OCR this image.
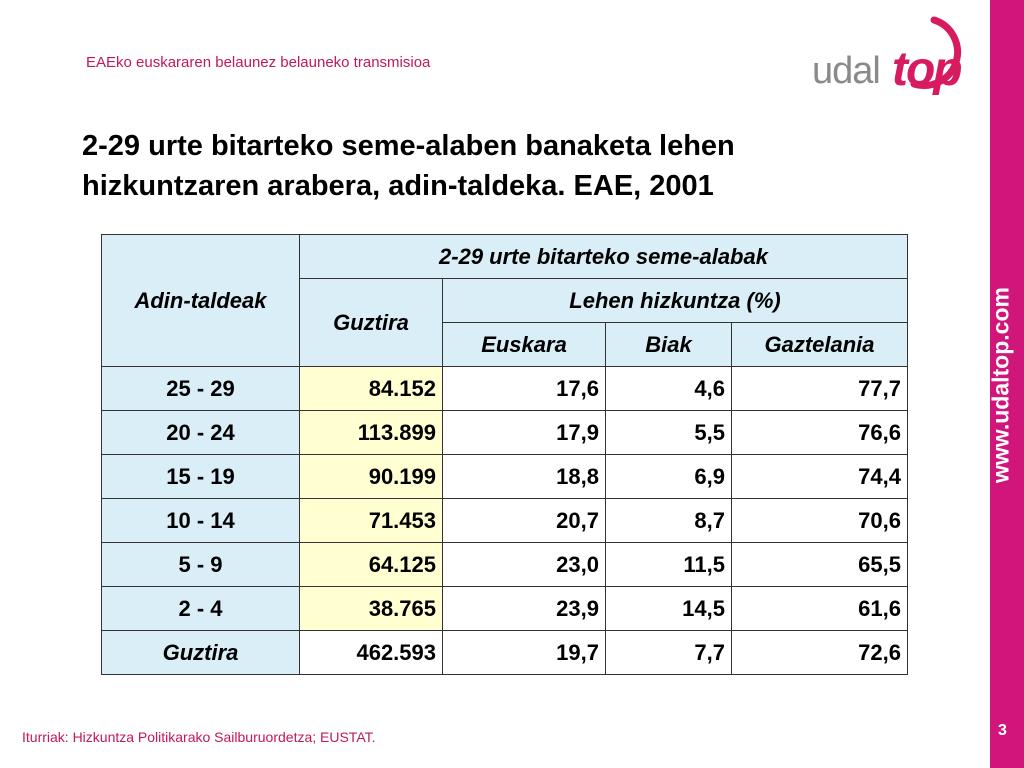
EAEko euskararen belaunez belauneko transmisioa	udal top
www.udaltop.com
3
2-29 urte bitarteko seme-alaben banaketa lehen
hizkuntzaren arabera, adin-taldeka. EAE, 2001
Adin-taldeak	2-29 urte bitarteko seme-alabak			
	Guztira	Lehen hizkuntza (%)		
		Euskara	Biak	Gaztelania
25 - 29	84.152	17,6	4,6	77,7
20 - 24	113.899	17,9	5,5	76,6
15 - 19	90.199	18,8	6,9	74,4
10 - 14	71.453	20,7	8,7	70,6
5 - 9	64.125	23,0	11,5	65,5
2 - 4	38.765	23,9	14,5	61,6
Guztira	462.593	19,7	7,7	72,6
Iturriak: Hizkuntza Politikarako Sailburuordetza; EUSTAT.
